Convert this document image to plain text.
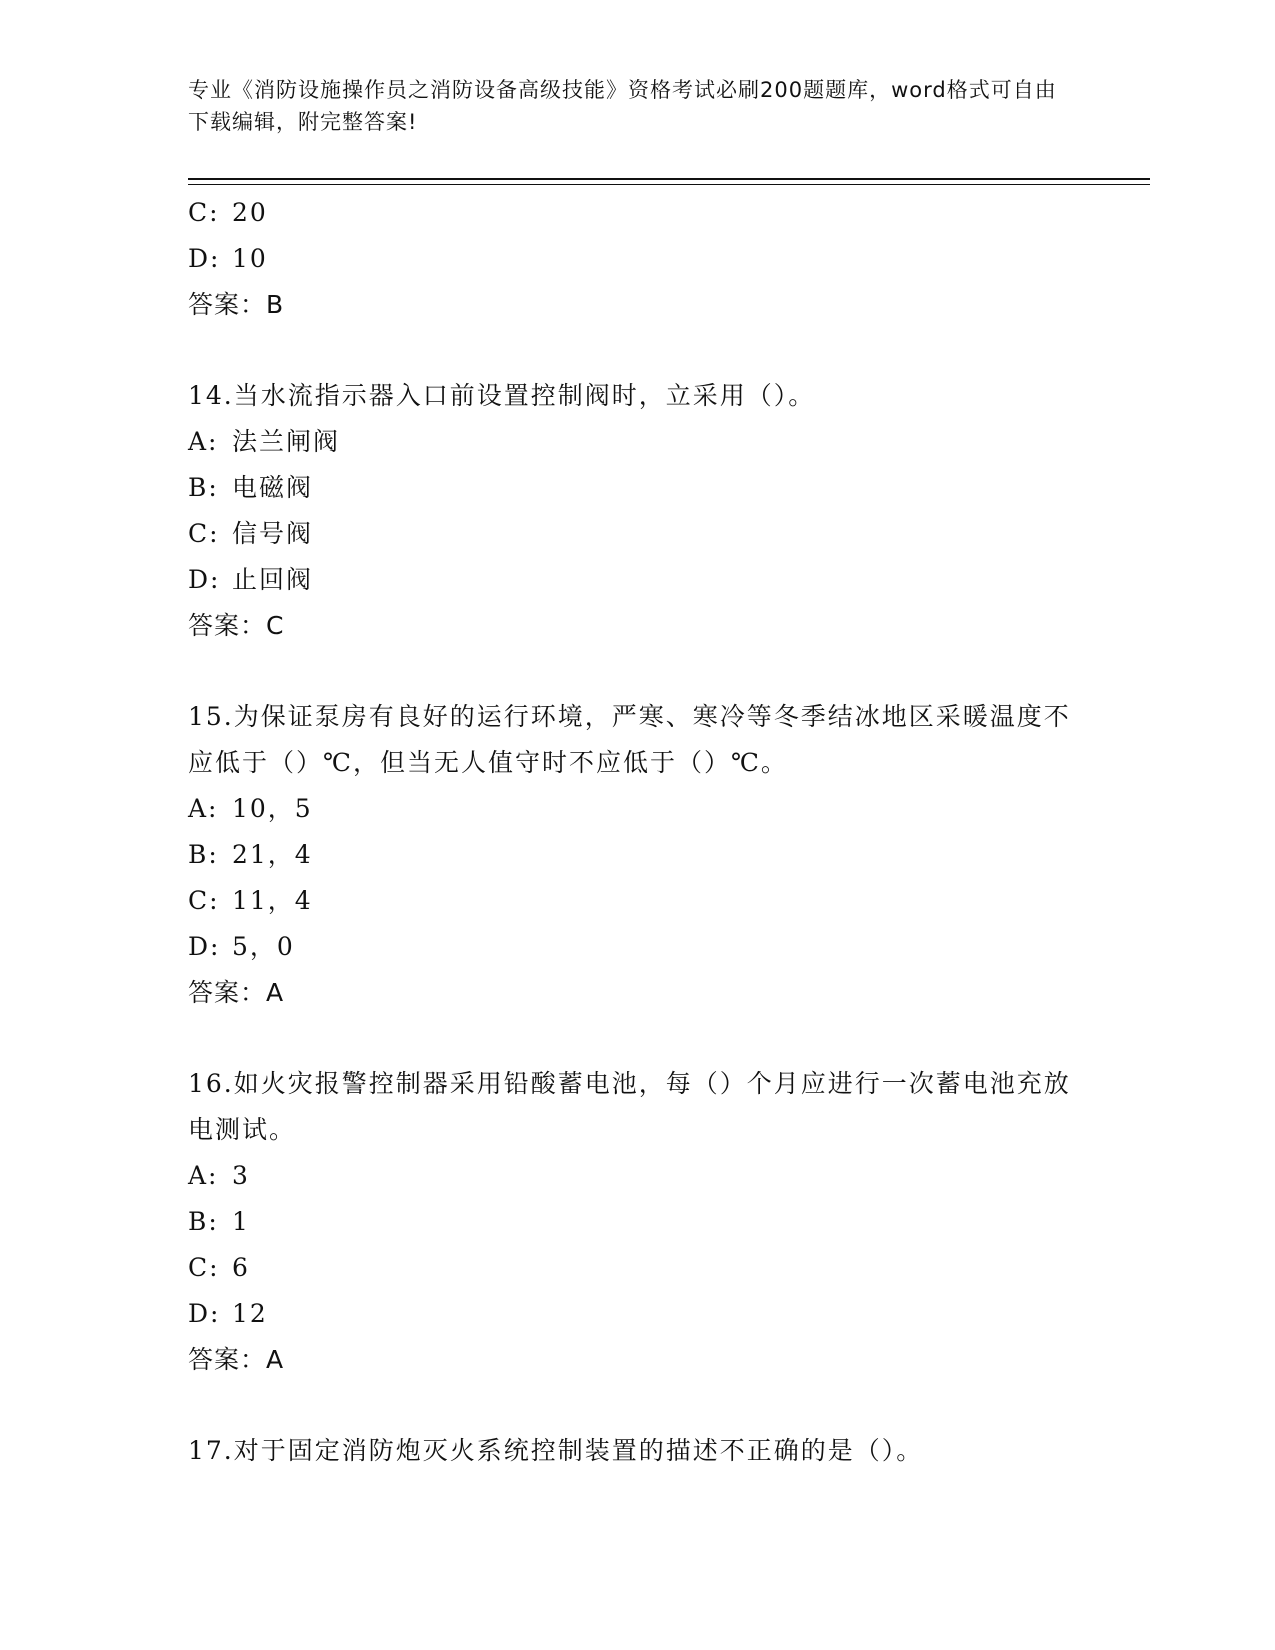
专业《消防设施操作员之消防设备高级技能》资格考试必刷200题题库，word格式可自由下载编辑，附完整答案!
C: 20
D: 10
答案：B
14.当水流指示器入口前设置控制阀时，立采用（）。
A: 法兰闸阀
B: 电磁阀
C: 信号阀
D: 止回阀
答案：C
15.为保证泵房有良好的运行环境，严寒、寒冷等冬季结冰地区采暖温度不应低于（）℃，但当无人值守时不应低于（）℃。
A: 10，5
B: 21，4
C: 11，4
D: 5，0
答案：A
16.如火灾报警控制器采用铅酸蓄电池，每（）个月应进行一次蓄电池充放电测试。
A: 3
B: 1
C: 6
D: 12
答案：A
17.对于固定消防炮灭火系统控制装置的描述不正确的是（）。
